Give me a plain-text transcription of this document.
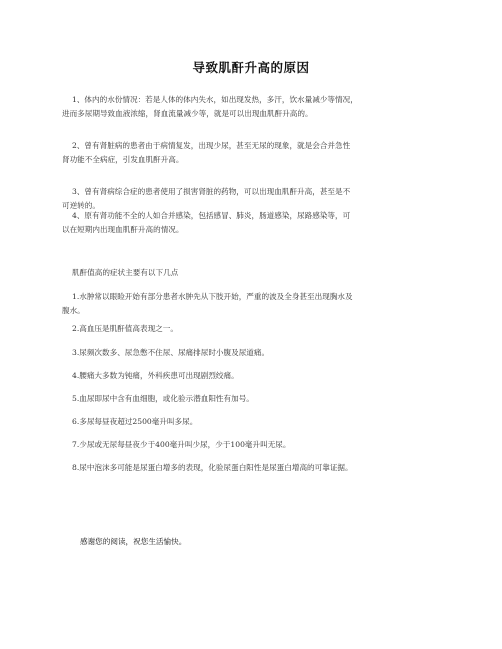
导致肌酐升高的原因
1、体内的水份情况：若是人体的体内失水，如出现发热，多汗，饮水量减少等情况，
进而多尿期导致血液浓缩，肾血流量减少等，就是可以出现血肌酐升高的。
2、曾有肾脏病的患者由于病情复发，出现少尿，甚至无尿的现象，就是会合并急性
肾功能不全病症，引发血肌酐升高。
3、曾有肾病综合症的患者使用了损害肾脏的药物，可以出现血肌酐升高，甚至是不
可逆转的。
4、原有肾功能不全的人如合并感染，包括感冒、肺炎，肠道感染，尿路感染等，可
以在短期内出现血肌酐升高的情况。
肌酐值高的症状主要有以下几点
1.水肿常以眼睑开始有部分患者水肿先从下肢开始，严重的波及全身甚至出现胸水及
腹水。
2.高血压是肌酐值高表现之一。
3.尿频次数多、尿急憋不住尿、尿痛排尿时小腹及尿道痛。
4.腰痛大多数为钝痛，外科疾患可出现剧烈绞痛。
5.血尿即尿中含有血细胞，或化验示潜血阳性有加号。
6.多尿每昼夜超过2500毫升叫多尿。
7.少尿或无尿每昼夜少于400毫升叫少尿，少于100毫升叫无尿。
8.尿中泡沫多可能是尿蛋白增多的表现，化验尿蛋白阳性是尿蛋白增高的可靠证据。
感谢您的阅读，祝您生活愉快。
